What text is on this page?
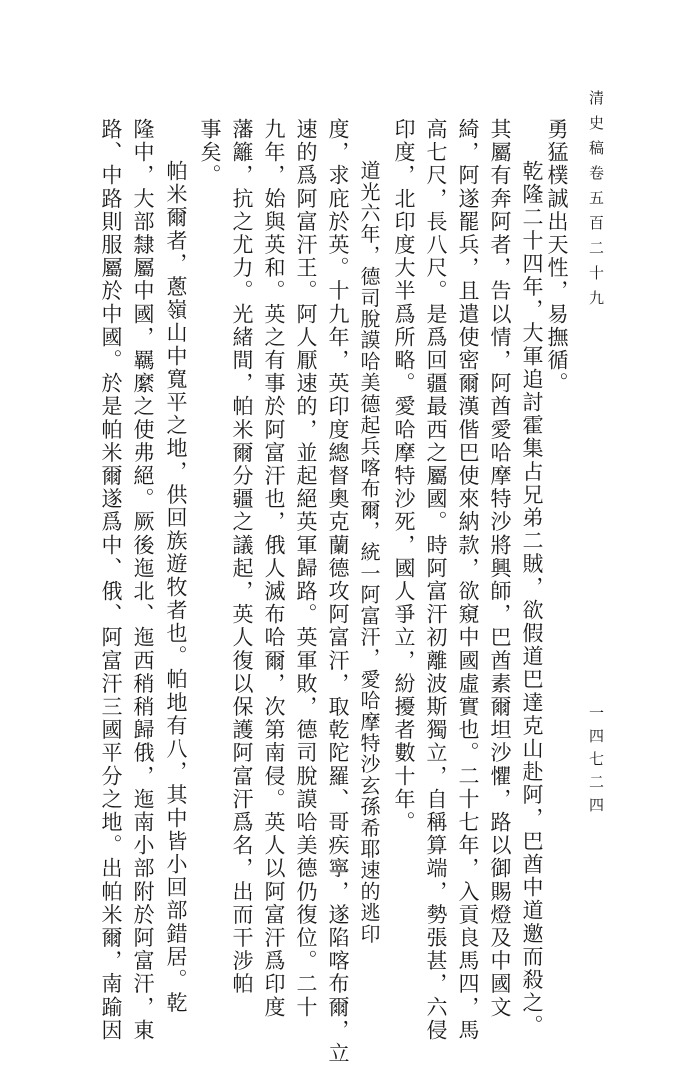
清史稿卷五百二十九
一四七二四
勇猛樸誠出天性，易撫循。
乾隆二十四年，大軍追討霍集占兄弟二賊，欲假道巴達克山赴阿，巴酋中道邀而殺之。
其屬有奔阿者，告以情，阿酋愛哈摩特沙將興師，巴酋素爾坦沙懼，路以御賜燈及中國文
綺，阿遂罷兵，且遣使密爾漢偕巴使來納款，欲窺中國虛實也。二十七年，入貢良馬四，馬
高七尺，長八尺。是爲回疆最西之屬國。時阿富汗初離波斯獨立，自稱算端，勢張甚，六侵
印度，北印度大半爲所略。愛哈摩特沙死，國人爭立，紛擾者數十年。
道光六年，德司脫謨哈美德起兵喀布爾，統一阿富汗，愛哈摩特沙玄孫希耶速的逃印
度，求庇於英。十九年，英印度總督奧克蘭德攻阿富汗，取乾陀羅、哥疾寧，遂陷喀布爾，立
速的爲阿富汗王。阿人厭速的，並起絕英軍歸路。英軍敗，德司脫謨哈美德仍復位。二十
九年，始與英和。英之有事於阿富汗也，俄人滅布哈爾，次第南侵。英人以阿富汗爲印度
藩籬，抗之尤力。光緒間，帕米爾分疆之議起，英人復以保護阿富汗爲名，出而干涉帕
事矣。
帕米爾者，蔥嶺山中寬平之地，供回族遊牧者也。帕地有八，其中皆小回部錯居。乾
隆中，大部隸屬中國，羈縻之使弗絕。厥後迤北、迤西稍稍歸俄，迤南小部附於阿富汗，東
路、中路則服屬於中國。於是帕米爾遂爲中、俄、阿富汗三國平分之地。出帕米爾，南踰因
